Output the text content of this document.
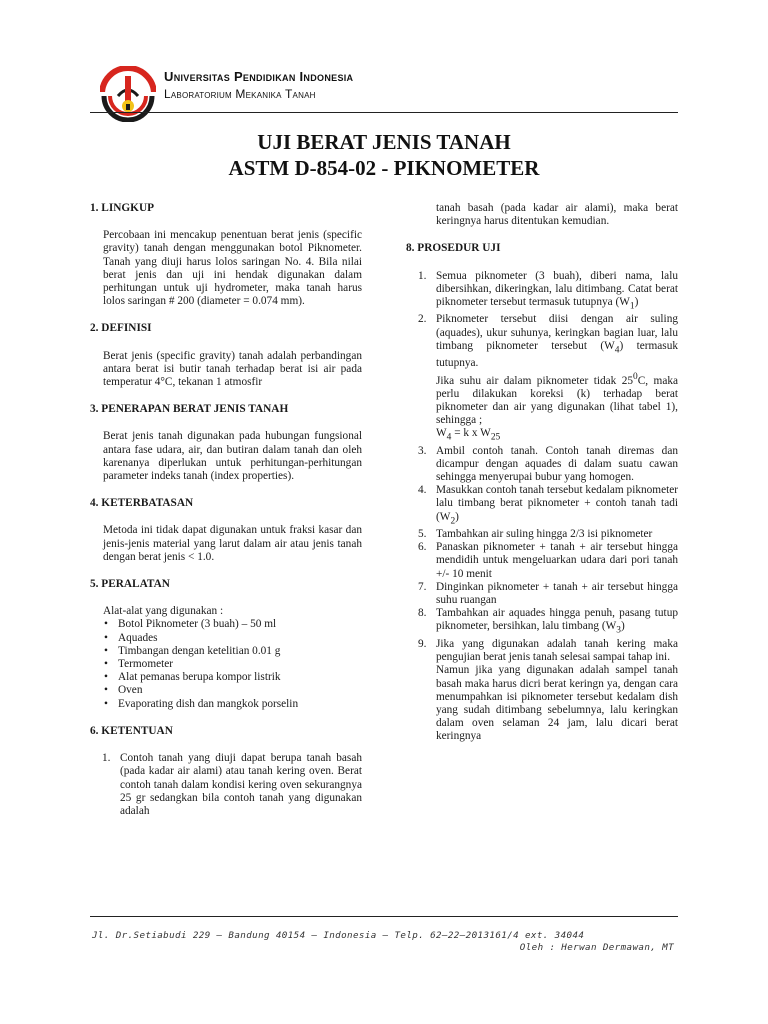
Universitas Pendidikan Indonesia
Laboratorium Mekanika Tanah
UJI BERAT JENIS TANAH
ASTM D-854-02 - PIKNOMETER
1. LINGKUP

Percobaan ini mencakup penentuan berat jenis (specific gravity) tanah dengan menggunakan botol Piknometer. Tanah yang diuji harus lolos saringan No. 4. Bila nilai berat jenis dan uji ini hendak digunakan dalam perhitungan untuk uji hydrometer, maka tanah harus lolos saringan # 200 (diameter = 0.074 mm).

2. DEFINISI

Berat jenis (specific gravity) tanah adalah perbandingan antara berat isi butir tanah terhadap berat isi air pada temperatur 4°C, tekanan 1 atmosfir

3. PENERAPAN BERAT JENIS TANAH

Berat jenis tanah digunakan pada hubungan fungsional antara fase udara, air, dan butiran dalam tanah dan oleh karenanya diperlukan untuk perhitungan-perhitungan parameter indeks tanah (index properties).

4. KETERBATASAN

Metoda ini tidak dapat digunakan untuk fraksi kasar dan jenis-jenis material yang larut dalam air atau jenis tanah dengan berat jenis < 1.0.

5. PERALATAN

Alat-alat yang digunakan :

• Botol Piknometer (3 buah) – 50 ml
• Aquades
• Timbangan dengan ketelitian 0.01 g
• Termometer
• Alat pemanas berupa kompor listrik
• Oven
• Evaporating dish dan mangkok porselin
6. KETENTUAN
1. Contoh tanah yang diuji dapat berupa tanah basah (pada kadar air alami) atau tanah kering oven. Berat contoh tanah dalam kondisi kering oven sekurangnya 25 gr sedangkan bila contoh tanah yang digunakan adalah

tanah basah (pada kadar air alami), maka berat keringnya harus ditentukan kemudian.

8. PROSEDUR UJI
1. Semua piknometer (3 buah), diberi nama, lalu dibersihkan, dikeringkan, lalu ditimbang. Catat berat piknometer tersebut termasuk tutupnya $(W_1)$
2. Piknometer tersebut diisi dengan air suling (aquades), ukur suhunya, keringkan bagian luar, lalu timbang piknometer tersebut $(W_4)$ termasuk tutupnya.
Jika suhu air dalam piknometer tidak $25^0C$, maka perlu dilakukan koreksi (k) terhadap berat piknometer dan air yang digunakan (lihat tabel 1), sehingga ;
$W_4 = k$ x $W_{25}$
3. Ambil contoh tanah. Contoh tanah diremas dan dicampur dengan aquades di dalam suatu cawan sehingga menyerupai bubur yang homogen.
4. Masukkan contoh tanah tersebut kedalam piknometer lalu timbang berat piknometer + contoh tanah tadi $(W_2)$
5. Tambahkan air suling hingga 2/3 isi piknometer
6. Panaskan piknometer + tanah + air tersebut hingga mendidih untuk mengeluarkan udara dari pori tanah +/- 10 menit
7. Dinginkan piknometer + tanah + air tersebut hingga suhu ruangan
8. Tambahkan air aquades hingga penuh, pasang tutup piknometer, bersihkan, lalu timbang $(W_3)$
9. Jika yang digunakan adalah tanah kering maka pengujian berat jenis tanah selesai sampai tahap ini.
Namun jika yang digunakan adalah sampel tanah basah maka harus dicri berat keringn ya, dengan cara menumpahkan isi piknometer tersebut kedalam dish yang sudah ditimbang sebelumnya, lalu keringkan dalam oven selaman 24 jam, lalu dicari berat keringnya
Jl. Dr.Setiabudi 229 – Bandung 40154 – Indonesia – Telp. 62–22–2013161/4 ext. 34044
Oleh : Herwan Dermawan, MT
